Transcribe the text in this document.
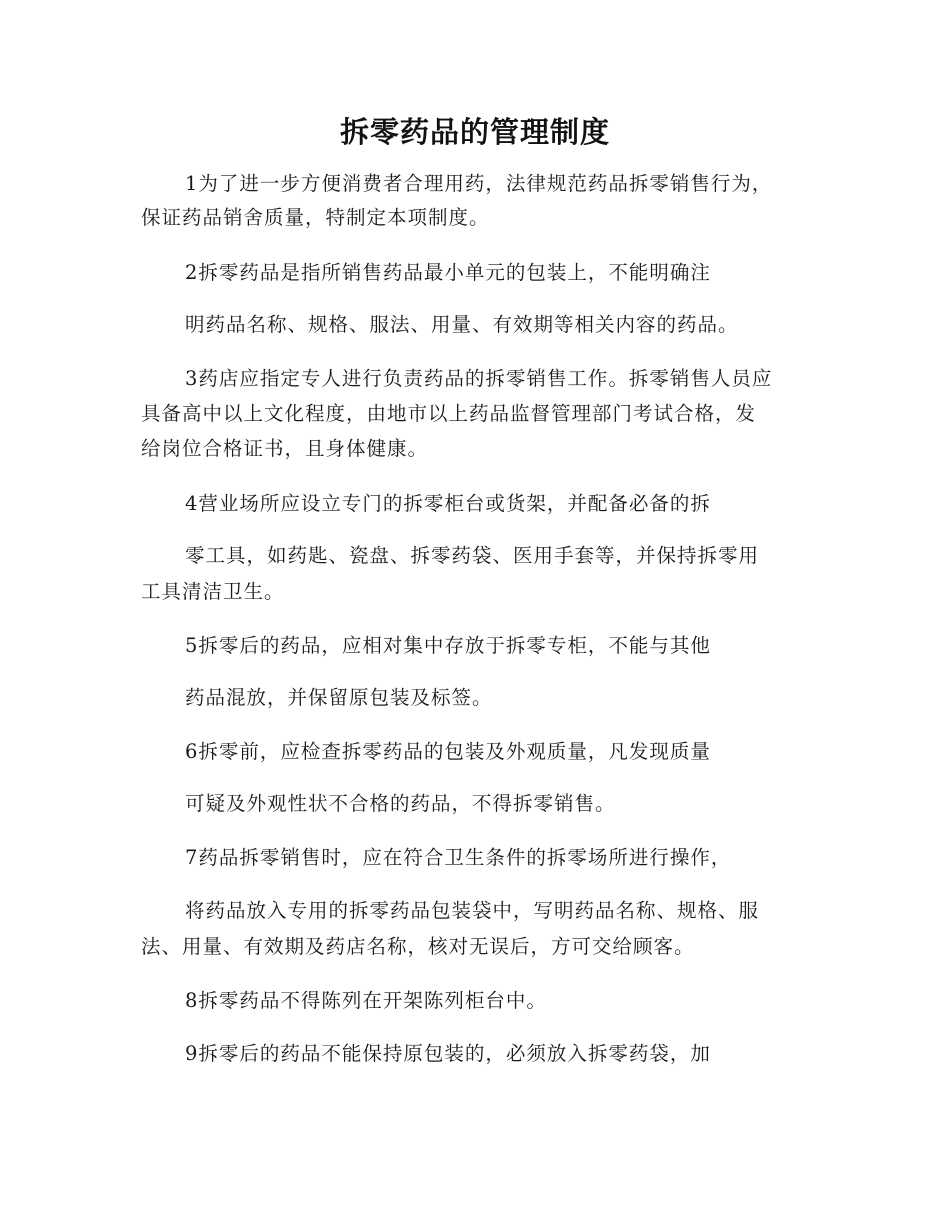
拆零药品的管理制度
1为了进一步方便消费者合理用药，法律规范药品拆零销售行为，
保证药品销舍质量，特制定本项制度。
2拆零药品是指所销售药品最小单元的包装上，不能明确注
明药品名称、规格、服法、用量、有效期等相关内容的药品。
3药店应指定专人进行负责药品的拆零销售工作。拆零销售人员应
具备高中以上文化程度，由地市以上药品监督管理部门考试合格，发
给岗位合格证书，且身体健康。
4营业场所应设立专门的拆零柜台或货架，并配备必备的拆
零工具，如药匙、瓷盘、拆零药袋、医用手套等，并保持拆零用
工具清洁卫生。
5拆零后的药品，应相对集中存放于拆零专柜，不能与其他
药品混放，并保留原包装及标签。
6拆零前，应检查拆零药品的包装及外观质量，凡发现质量
可疑及外观性状不合格的药品，不得拆零销售。
7药品拆零销售时，应在符合卫生条件的拆零场所进行操作，
将药品放入专用的拆零药品包装袋中，写明药品名称、规格、服
法、用量、有效期及药店名称，核对无误后，方可交给顾客。
8拆零药品不得陈列在开架陈列柜台中。
9拆零后的药品不能保持原包装的，必须放入拆零药袋，加
